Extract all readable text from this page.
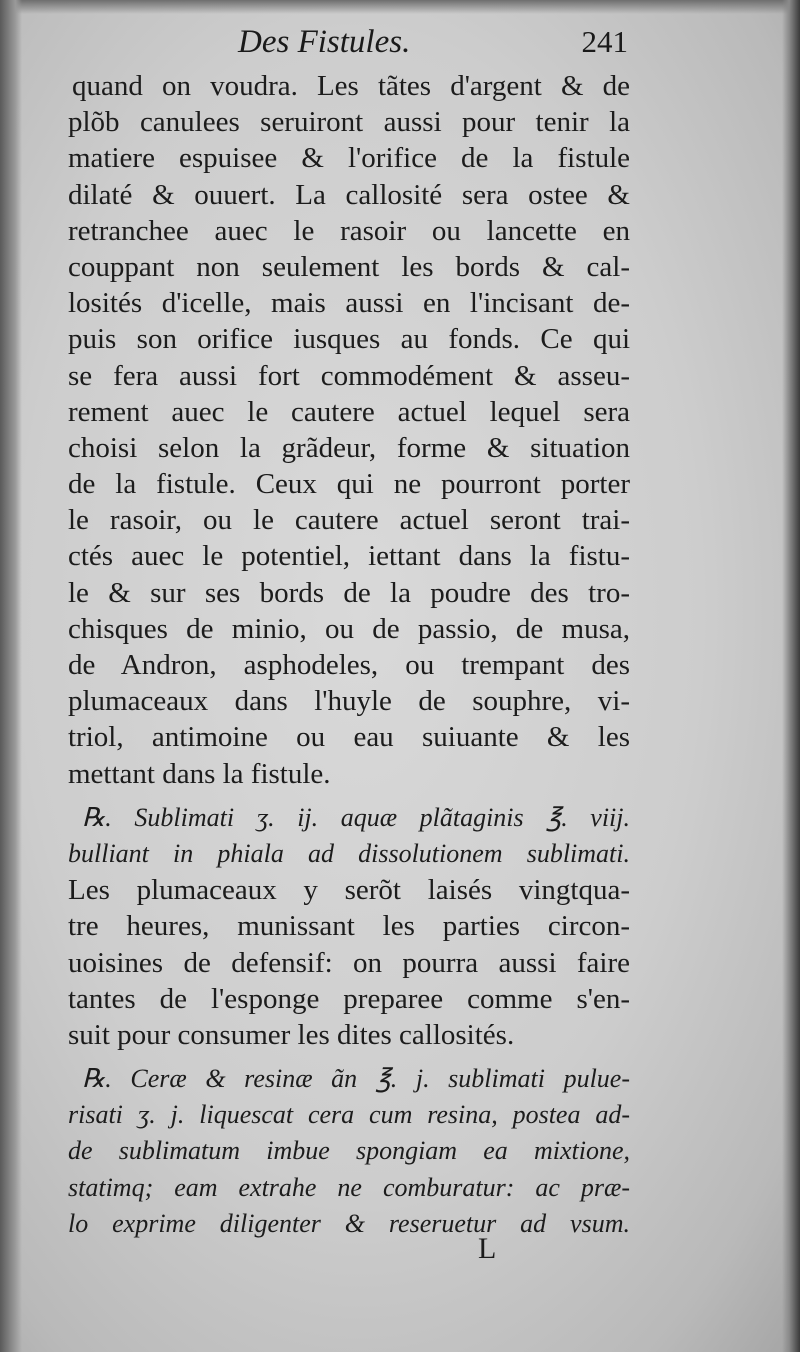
Des Fistules.	241
quand on voudra. Les tãtes d'argent & de
plõb canulees seruiront aussi pour tenir la
matiere espuisee & l'orifice de la fistule
dilaté & ouuert. La callosité sera ostee &
retranchee auec le rasoir ou lancette en
couppant non seulement les bords & cal-
losités d'icelle, mais aussi en l'incisant de-
puis son orifice iusques au fonds. Ce qui
se fera aussi fort commodément & asseu-
rement auec le cautere actuel lequel sera
choisi selon la grãdeur, forme & situation
de la fistule. Ceux qui ne pourront porter
le rasoir, ou le cautere actuel seront trai-
ctés auec le potentiel, iettant dans la fistu-
le & sur ses bords de la poudre des tro-
chisques de minio, ou de passio, de musa,
de Andron, asphodeles, ou trempant des
plumaceaux dans l'huyle de souphre, vi-
triol, antimoine ou eau suiuante & les
mettant dans la fistule.
℞. Sublimati ʒ. ij. aquæ plãtaginis ℥. viij.
bulliant in phiala ad dissolutionem sublimati.
Les plumaceaux y serõt laisés vingtqua-
tre heures, munissant les parties circon-
uoisines de defensif: on pourra aussi faire
tantes de l'esponge preparee comme s'en-
suit pour consumer les dites callosités.
℞. Ceræ & resinæ ãn ℥. j. sublimati pulue-
risati ʒ. j. liquescat cera cum resina, postea ad-
de sublimatum imbue spongiam ea mixtione,
statimq; eam extrahe ne comburatur: ac præ-
lo exprime diligenter & reseruetur ad vsum.
L
